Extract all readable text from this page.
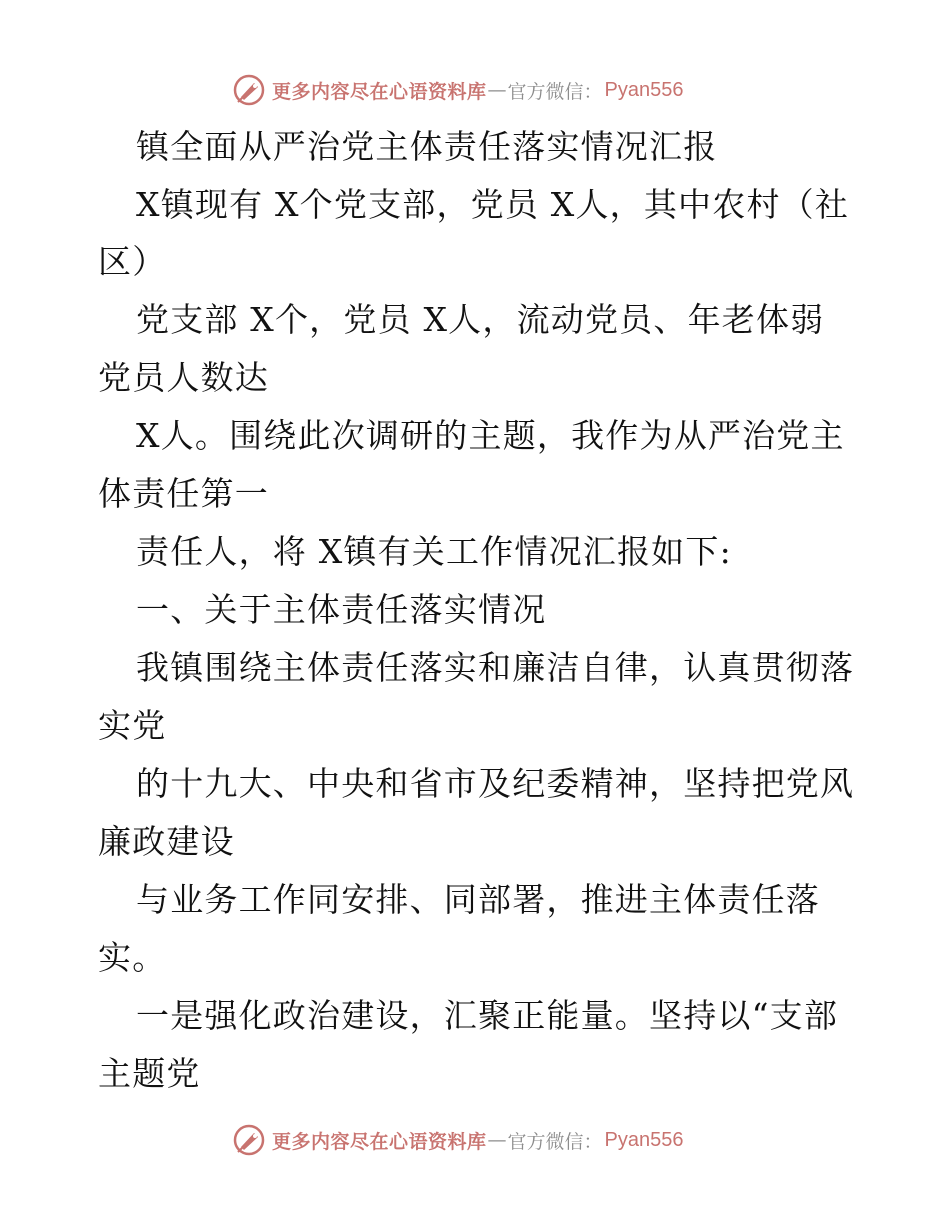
更多内容尽在心语资料库 — 官方微信： Pyan556
镇全面从严治党主体责任落实情况汇报
X镇现有 X个党支部，党员 X人，其中农村（社
区）
党支部 X个，党员 X人，流动党员、年老体弱
党员人数达
X人。围绕此次调研的主题，我作为从严治党主
体责任第一
责任人，将 X镇有关工作情况汇报如下:
一、关于主体责任落实情况
我镇围绕主体责任落实和廉洁自律，认真贯彻落
实党
的十九大、中央和省市及纪委精神，坚持把党风
廉政建设
与业务工作同安排、同部署，推进主体责任落
实。
一是强化政治建设，汇聚正能量。坚持以“支部
主题党
更多内容尽在心语资料库 — 官方微信： Pyan556
